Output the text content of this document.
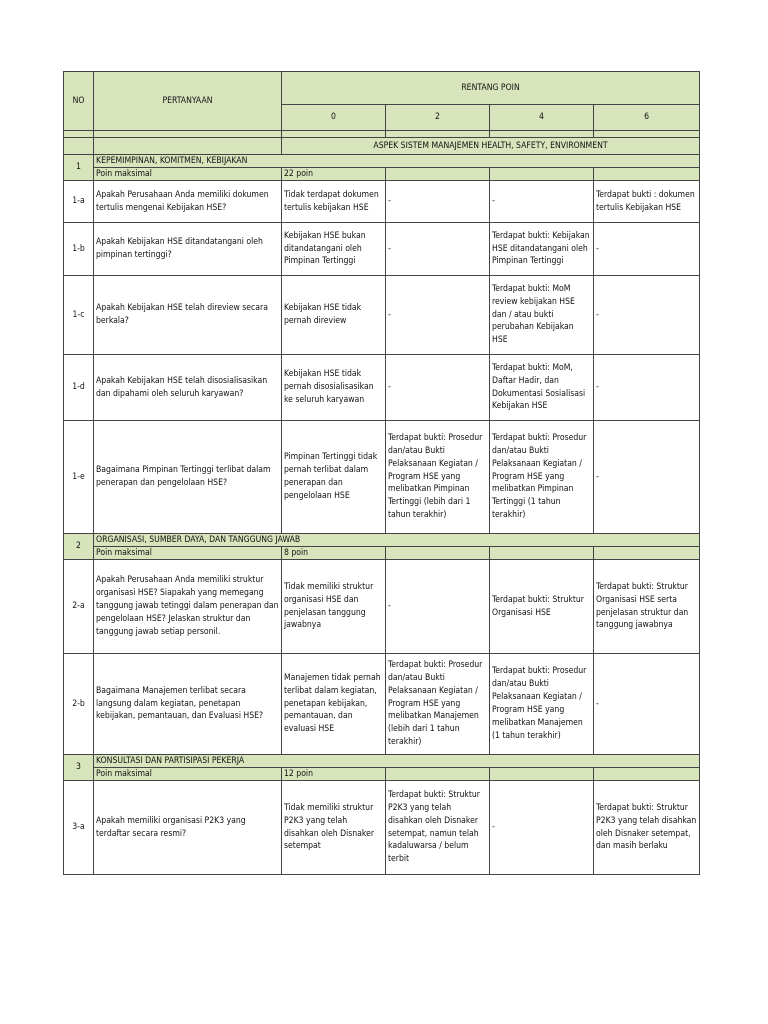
NO	PERTANYAAN	RENTANG POIN			
		0	2	4	6

		ASPEK SISTEM MANAJEMEN HEALTH, SAFETY, ENVIRONMENT			
1	KEPEMIMPINAN, KOMITMEN, KEBIJAKAN				
	Poin maksimal	22 poin			
1-a	Apakah Perusahaan Anda memiliki dokumen tertulis mengenai Kebijakan HSE?	Tidak terdapat dokumen tertulis kebijakan HSE	-	-	Terdapat bukti : dokumen tertulis Kebijakan HSE
1-b	Apakah Kebijakan HSE ditandatangani oleh pimpinan tertinggi?	Kebijakan HSE bukan ditandatangani oleh Pimpinan Tertinggi	-	Terdapat bukti: Kebijakan HSE ditandatangani oleh Pimpinan Tertinggi	-
1-c	Apakah Kebijakan HSE telah direview secara berkala?	Kebijakan HSE tidak pernah direview	-	Terdapat bukti: MoM review kebijakan HSE dan / atau bukti perubahan Kebijakan HSE	-
1-d	Apakah Kebijakan HSE telah disosialisasikan dan dipahami oleh seluruh karyawan?	Kebijakan HSE tidak pernah disosialisasikan ke seluruh karyawan	-	Terdapat bukti: MoM, Daftar Hadir, dan Dokumentasi Sosialisasi Kebijakan HSE	-
1-e	Bagaimana Pimpinan Tertinggi terlibat dalam penerapan dan pengelolaan HSE?	Pimpinan Tertinggi tidak pernah terlibat dalam penerapan dan pengelolaan HSE	Terdapat bukti: Prosedur dan/atau Bukti Pelaksanaan Kegiatan / Program HSE yang melibatkan Pimpinan Tertinggi (lebih dari 1 tahun terakhir)	Terdapat bukti: Prosedur dan/atau Bukti Pelaksanaan Kegiatan / Program HSE yang melibatkan Pimpinan Tertinggi (1 tahun terakhir)	-
2	ORGANISASI, SUMBER DAYA, DAN TANGGUNG JAWAB				
	Poin maksimal	8 poin			
2-a	Apakah Perusahaan Anda memiliki struktur organisasi HSE? Siapakah yang memegang tanggung jawab tetinggi dalam penerapan dan pengelolaan HSE? Jelaskan struktur dan tanggung jawab setiap personil.	Tidak memiliki struktur organisasi HSE dan penjelasan tanggung jawabnya	-	Terdapat bukti: Struktur Organisasi HSE	Terdapat bukti: Struktur Organisasi HSE serta penjelasan struktur dan tanggung jawabnya
2-b	Bagaimana Manajemen terlibat secara langsung dalam kegiatan, penetapan kebijakan, pemantauan, dan Evaluasi HSE?	Manajemen tidak pernah terlibat dalam kegiatan, penetapan kebijakan, pemantauan, dan evaluasi HSE	Terdapat bukti: Prosedur dan/atau Bukti Pelaksanaan Kegiatan / Program HSE yang melibatkan Manajemen (lebih dari 1 tahun terakhir)	Terdapat bukti: Prosedur dan/atau Bukti Pelaksanaan Kegiatan / Program HSE yang melibatkan Manajemen (1 tahun terakhir)	-
3	KONSULTASI DAN PARTISIPASI PEKERJA				
	Poin maksimal	12 poin			
3-a	Apakah memiliki organisasi P2K3 yang terdaftar secara resmi?	Tidak memiliki struktur P2K3 yang telah disahkan oleh Disnaker setempat	Terdapat bukti: Struktur P2K3 yang telah disahkan oleh Disnaker setempat, namun telah kadaluwarsa / belum terbit	-	Terdapat bukti: Struktur P2K3 yang telah disahkan oleh Disnaker setempat, dan masih berlaku
